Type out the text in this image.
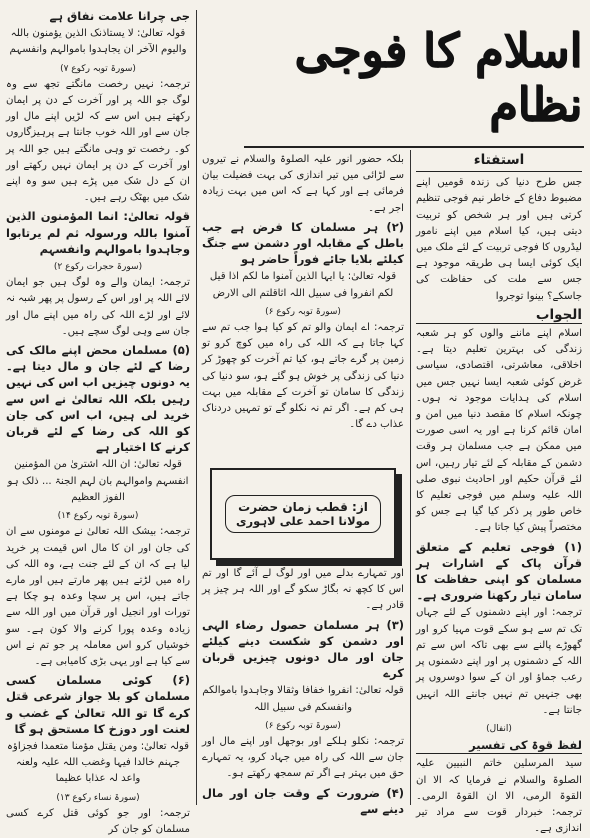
اسلام کا فوجی نظام

استفتاء

جس طرح دنیا کی زندہ قومیں اپنے مضبوط دفاع کے خاطر نیم فوجی تنظیم کرتی ہیں اور ہر شخص کو تربیت دیتی ہیں، کیا اسلام میں اپنے نامور لیڈروں کا فوجی تربیت کے لئے ملک میں ایک کوئی ایسا ہی طریقہ موجود ہے جس سے ملت کی حفاظت کی جاسکے؟ بینوا توجروا

الجواب

اسلام اپنے ماننے والوں کو ہر شعبہ زندگی کی بہترین تعلیم دیتا ہے۔ اخلاقی، معاشرتی، اقتصادی، سیاسی غرض کوئی شعبہ ایسا نہیں جس میں اسلام کی ہدایات موجود نہ ہوں۔ چونکہ اسلام کا مقصد دنیا میں امن و امان قائم کرنا ہے اور یہ اسی صورت میں ممکن ہے جب مسلمان ہر وقت دشمن کے مقابلہ کے لئے تیار رہیں، اس لئے قرآن حکیم اور احادیث نبوی صلی اللہ علیہ وسلم میں فوجی تعلیم کا خاص طور پر ذکر کیا گیا ہے جس کو مختصراً پیش کیا جاتا ہے۔

(۱) فوجی تعلیم کے متعلق قرآن پاک کے اشارات ہر مسلمان کو اپنی حفاظت کا سامان تیار رکھنا ضروری ہے۔

ترجمہ: اور اپنے دشمنوں کے لئے جہاں تک تم سے ہو سکے قوت مہیا کرو اور گھوڑے پالنے سے بھی تاکہ اس سے تم اللہ کے دشمنوں پر اور اپنے دشمنوں پر رعب جماؤ اور ان کے سوا دوسروں پر بھی جنہیں تم نہیں جانتے اللہ انہیں جانتا ہے۔

(انفال)

لفظ قوۃ کی تفسیر

سید المرسلین خاتم النبیین علیہ الصلوۃ والسلام نے فرمایا کہ الا ان القوۃ الرمی، الا ان القوۃ الرمی۔ ترجمہ: خبردار قوت سے مراد تیر اندازی ہے۔

بلکہ حضور انور علیہ الصلوۃ والسلام نے تیروں سے لڑائی میں تیر اندازی کی بہت فضیلت بیان فرمائی ہے اور کہا ہے کہ اس میں بہت زیادہ اجر ہے۔

(۲) ہر مسلمان کا فرض ہے جب باطل کے مقابلہ اور دشمن سے جنگ کیلئے بلایا جائے فوراً حاضر ہو

قولہ تعالیٰ: یا ایہا الذین آمنوا ما لکم اذا قیل لکم انفروا فی سبیل اللہ اثاقلتم الی الارض

(سورۃ توبہ رکوع ۶)

ترجمہ: اے ایمان والو تم کو کیا ہوا جب تم سے کہا جاتا ہے کہ اللہ کی راہ میں کوچ کرو تو زمین پر گرے جاتے ہو، کیا تم آخرت کو چھوڑ کر دنیا کی زندگی پر خوش ہو گئے ہو، سو دنیا کی زندگی کا سامان تو آخرت کے مقابلہ میں بہت ہی کم ہے۔ اگر تم نہ نکلو گے تو تمہیں دردناک عذاب دے گا۔

از: قطب زمان حضرت
مولانا احمد علی لاہوری

اور تمہارے بدلے میں اور لوگ لے آئے گا اور تم اس کا کچھ نہ بگاڑ سکو گے اور اللہ ہر چیز پر قادر ہے۔

(۳) ہر مسلمان حصول رضاء الہی اور دشمن کو شکست دینے کیلئے جان اور مال دونوں چیزیں قربان کرے

قولہ تعالیٰ: انفروا خفافا وثقالا وجاہدوا باموالکم وانفسکم فی سبیل اللہ

(سورۃ توبہ رکوع ۶)

ترجمہ: نکلو ہلکے اور بوجھل اور اپنے مال اور جان سے اللہ کی راہ میں جہاد کرو، یہ تمہارے حق میں بہتر ہے اگر تم سمجھ رکھتے ہو۔

(۴) ضرورت کے وقت جان اور مال دینے سے

جی چرانا علامت نفاق ہے

قولہ تعالیٰ: لا یستاذنک الذین یؤمنون باللہ والیوم الآخر ان یجاہدوا باموالہم وانفسہم

(سورۃ توبہ رکوع ۷)

ترجمہ: نہیں رخصت مانگتے تجھ سے وہ لوگ جو اللہ پر اور آخرت کے دن پر ایمان رکھتے ہیں اس سے کہ لڑیں اپنے مال اور جان سے اور اللہ خوب جانتا ہے پرہیزگاروں کو۔ رخصت تو وہی مانگتے ہیں جو اللہ پر اور آخرت کے دن پر ایمان نہیں رکھتے اور ان کے دل شک میں پڑے ہیں سو وہ اپنے شک میں بھٹک رہے ہیں۔

قولہ تعالیٰ: انما المؤمنون الذین آمنوا باللہ ورسولہ ثم لم یرتابوا وجاہدوا باموالہم وانفسہم

(سورۃ حجرات رکوع ۲)

ترجمہ: ایمان والے وہ لوگ ہیں جو ایمان لائے اللہ پر اور اس کے رسول پر پھر شبہ نہ لائے اور لڑے اللہ کی راہ میں اپنے مال اور جان سے وہی لوگ سچے ہیں۔

(۵) مسلمان محض اپنے مالک کی رضا کے لئے جان و مال دیتا ہے۔ یہ دونوں چیزیں اب اس کی نہیں رہیں بلکہ اللہ تعالیٰ نے اس سے خرید لی ہیں، اب اس کی جان کو اللہ کی رضا کے لئے قربان کرنے کا اختیار ہے

قولہ تعالیٰ: ان اللہ اشتریٰ من المؤمنین انفسہم واموالہم بان لہم الجنۃ ... ذلک ہو الفوز العظیم

(سورۃ توبہ رکوع ۱۴)

ترجمہ: بیشک اللہ تعالیٰ نے مومنوں سے ان کی جان اور ان کا مال اس قیمت پر خرید لیا ہے کہ ان کے لئے جنت ہے، وہ اللہ کی راہ میں لڑتے ہیں پھر مارتے ہیں اور مارے جاتے ہیں، اس پر سچا وعدہ ہو چکا ہے تورات اور انجیل اور قرآن میں اور اللہ سے زیادہ وعدہ پورا کرنے والا کون ہے۔ سو خوشیاں کرو اس معاملہ پر جو تم نے اس سے کیا ہے اور یہی بڑی کامیابی ہے۔

(۶) کوئی مسلمان کسی مسلمان کو بلا جواز شرعی قتل کرے گا تو اللہ تعالیٰ کے غضب و لعنت اور دوزخ کا مستحق ہو گا

قولہ تعالیٰ: ومن یقتل مؤمنا متعمدا فجزاؤہ جہنم خالدا فیہا وغضب اللہ علیہ ولعنہ واعد لہ عذابا عظیما

(سورۃ نساء رکوع ۱۳)

ترجمہ: اور جو کوئی قتل کرے کسی مسلمان کو جان کر
